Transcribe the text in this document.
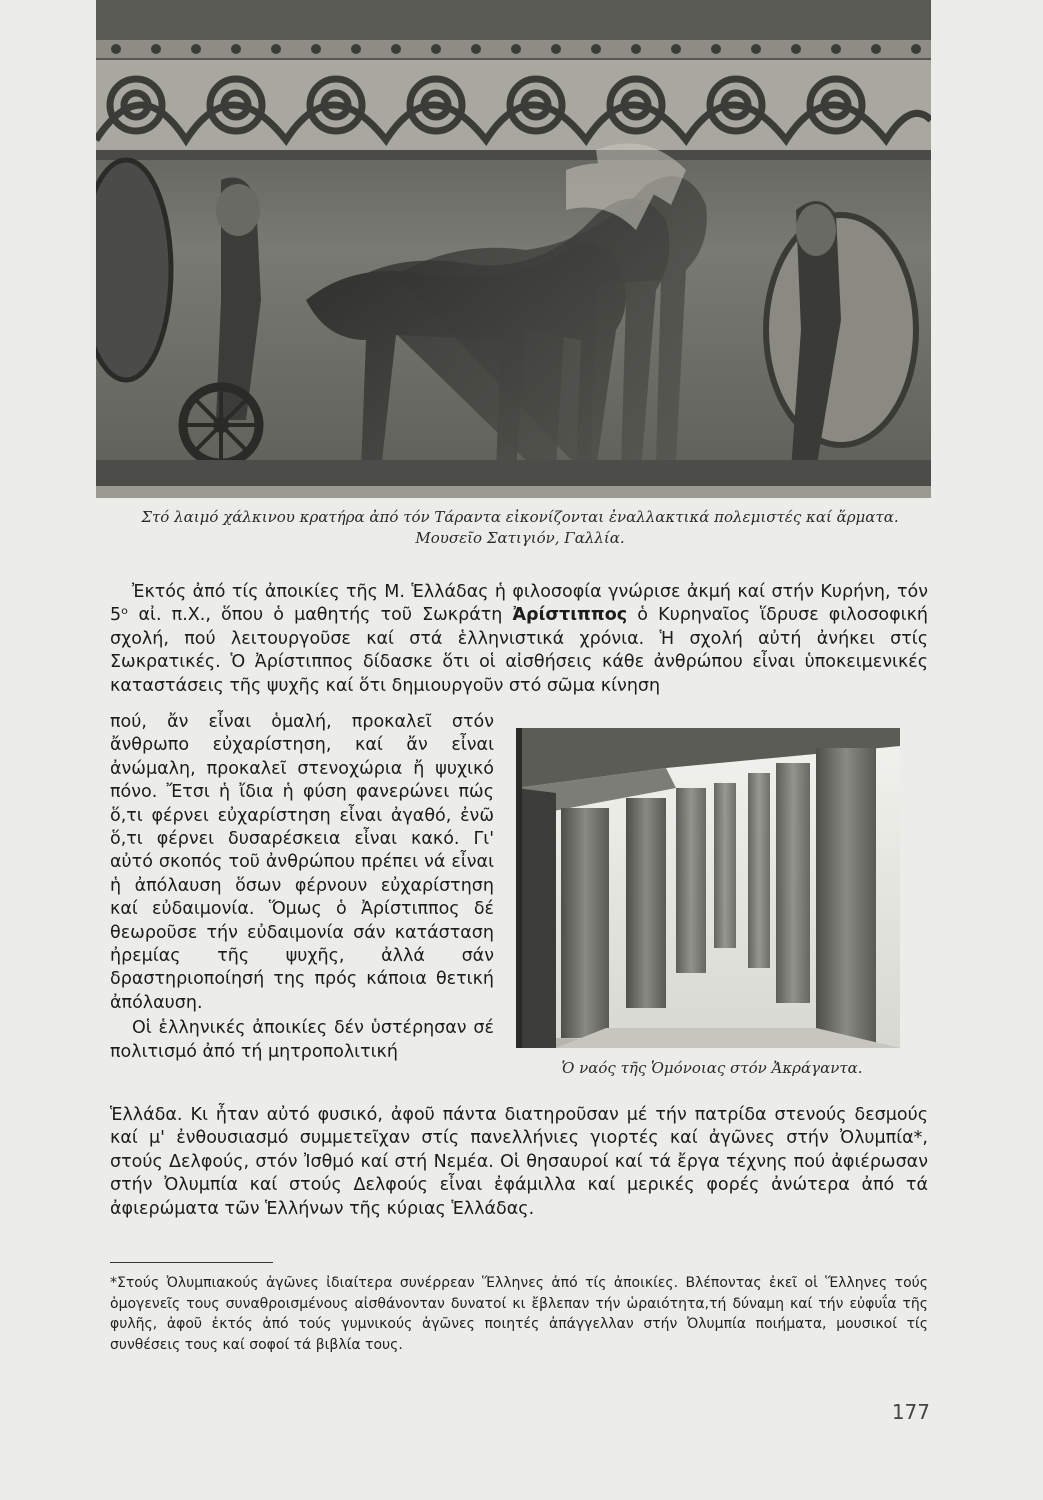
Στό λαιμό χάλκινου κρατήρα ἀπό τόν Τάραντα εἰκονίζονται ἐναλλακτικά πολεμιστές καί ἅρματα.
Μουσεῖο Σατιγιόν, Γαλλία.

Ἐκτός ἀπό τίς ἀποικίες τῆς Μ. Ἑλλάδας ἡ φιλοσοφία γνώρισε ἀκμή καί στήν Κυρήνη, τόν 5ᵒ αἰ. π.Χ., ὅπου ὁ μαθητής τοῦ Σωκράτη Ἀρίστιππος ὁ Κυρηναῖος ἵδρυσε φιλοσοφική σχολή, πού λειτουργοῦσε καί στά ἑλληνιστικά χρόνια. Ἡ σχολή αὐτή ἀνήκει στίς Σωκρατικές. Ὁ Ἀρίστιππος δίδασκε ὅτι οἱ αἰσθήσεις κάθε ἀνθρώπου εἶναι ὑποκειμενικές καταστάσεις τῆς ψυχῆς καί ὅτι δημιουργοῦν στό σῶμα κίνηση

πού, ἄν εἶναι ὁμαλή, προκαλεῖ στόν ἄνθρωπο εὐχαρίστηση, καί ἄν εἶναι ἀνώμαλη, προκαλεῖ στενοχώρια ἤ ψυχικό πόνο. Ἔτσι ἡ ἴδια ἡ φύση φανερώνει πώς ὅ,τι φέρνει εὐχαρίστηση εἶναι ἀγαθό, ἐνῶ ὅ,τι φέρνει δυσαρέσκεια εἶναι κακό. Γι' αὐτό σκοπός τοῦ ἀνθρώπου πρέπει νά εἶναι ἡ ἀπόλαυση ὅσων φέρνουν εὐχαρίστηση καί εὐδαιμονία. Ὅμως ὁ Ἀρίστιππος δέ θεωροῦσε τήν εὐδαιμονία σάν κατάσταση ἠρεμίας τῆς ψυχῆς, ἀλλά σάν δραστηριοποίησή της πρός κάποια θετική ἀπόλαυση.

Οἱ ἑλληνικές ἀποικίες δέν ὑστέρησαν σέ πολιτισμό ἀπό τή μητροπολιτική

Ὁ ναός τῆς Ὁμόνοιας στόν Ἀκράγαντα.

Ἑλλάδα. Κι ἦταν αὐτό φυσικό, ἀφοῦ πάντα διατηροῦσαν μέ τήν πατρίδα στενούς δεσμούς καί μ' ἐνθουσιασμό συμμετεῖχαν στίς πανελλήνιες γιορτές καί ἀγῶνες στήν Ὀλυμπία*, στούς Δελφούς, στόν Ἰσθμό καί στή Νεμέα. Οἱ θησαυροί καί τά ἔργα τέχνης πού ἀφιέρωσαν στήν Ὀλυμπία καί στούς Δελφούς εἶναι ἐφάμιλλα καί μερικές φορές ἀνώτερα ἀπό τά ἀφιερώματα τῶν Ἑλλήνων τῆς κύριας Ἑλλάδας.

*Στούς Ὀλυμπιακούς ἀγῶνες ἰδιαίτερα συνέρρεαν Ἕλληνες ἀπό τίς ἀποικίες. Βλέποντας ἐκεῖ οἱ Ἕλληνες τούς ὁμογενεῖς τους συναθροισμένους αἰσθάνονταν δυνατοί κι ἔβλεπαν τήν ὡραιότητα,τή δύναμη καί τήν εὐφυΐα τῆς φυλῆς, ἀφοῦ ἐκτός ἀπό τούς γυμνικούς ἀγῶνες ποιητές ἀπάγγελλαν στήν Ὀλυμπία ποιήματα, μουσικοί τίς συνθέσεις τους καί σοφοί τά βιβλία τους.
177
